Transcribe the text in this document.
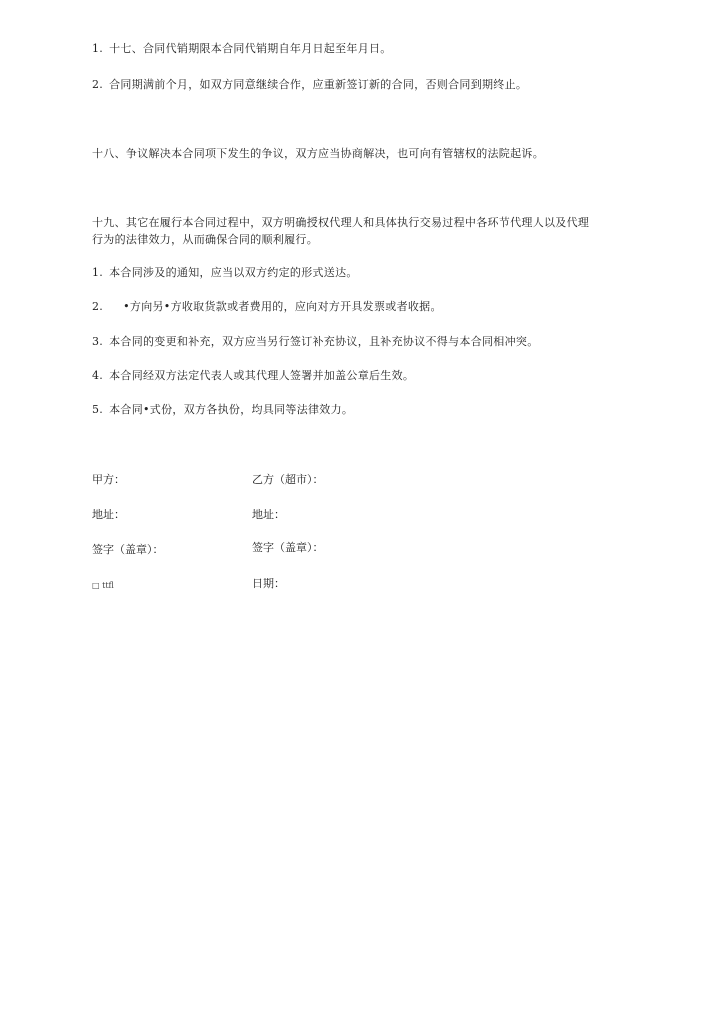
1. 十七、合同代销期限本合同代销期自年月日起至年月日。
2. 合同期满前个月，如双方同意继续合作，应重新签订新的合同，否则合同到期终止。
十八、争议解决本合同项下发生的争议，双方应当协商解决，也可向有管辖权的法院起诉。
十九、其它在履行本合同过程中，双方明确授权代理人和具体执行交易过程中各环节代理人以及代理
行为的法律效力，从而确保合同的顺利履行。
1. 本合同涉及的通知，应当以双方约定的形式送达。
2. •方向另•方收取货款或者费用的，应向对方开具发票或者收据。
3. 本合同的变更和补充，双方应当另行签订补充协议，且补充协议不得与本合同相冲突。
4. 本合同经双方法定代表人或其代理人签署并加盖公章后生效。
5. 本合同•式份，双方各执份，均具同等法律效力。
甲方：	乙方（超市）：
地址：	地址：
签字（盖章）：	签字（盖章）：
□ ttfl	日期：
